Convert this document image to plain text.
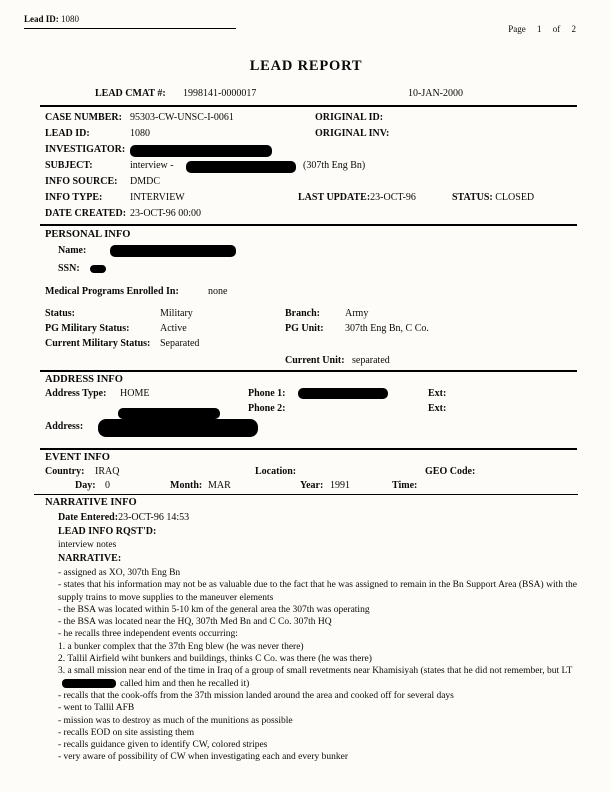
Lead ID: 1080
Page 1 of 2
LEAD REPORT
LEAD CMAT #: 1998141-0000017	10-JAN-2000
CASE NUMBER: 95303-CW-UNSC-I-0061	ORIGINAL ID:
LEAD ID:	1080	ORIGINAL INV:
INVESTIGATOR:
SUBJECT:	interview -	(307th Eng Bn)
INFO SOURCE: DMDC
INFO TYPE:	INTERVIEW	LAST UPDATE:23-OCT-96	STATUS: CLOSED
DATE CREATED: 23-OCT-96 00:00
PERSONAL INFO
Name:
SSN:
Medical Programs Enrolled In:	none
Status:	Military	Branch:	Army
PG Military Status:	Active	PG Unit: 307th Eng Bn, C Co.
Current Military Status: Separated
Current Unit: separated
ADDRESS INFO
Address Type: HOME	Phone 1:	Ext:
Phone 2:	Ext:
Address:
EVENT INFO
Country: IRAQ	Location:	GEO Code:
Day: 0	Month: MAR	Year: 1991	Time:
NARRATIVE INFO
Date Entered:23-OCT-96 14:53
LEAD INFO RQST'D:
interview notes
NARRATIVE:

- assigned as XO, 307th Eng Bn

- states that his information may not be as valuable due to the fact that he was assigned to remain in the Bn Support Area (BSA) with the supply trains to move supplies to the maneuver elements

- the BSA was located within 5-10 km of the general area the 307th was operating

- the BSA was located near the HQ, 307th Med Bn and C Co. 307th HQ

- he recalls three independent events occurring:

1. a bunker complex that the 37th Eng blew (he was never there)

2. Tallil Airfield wiht bunkers and buildings, thinks C Co. was there (he was there)

3. a small mission near end of the time in Iraq of a group of small revetments near Khamisiyah (states that he did not remember, but LTcalled him and then he recalled it)

- recalls that the cook-offs from the 37th mission landed around the area and cooked off for several days

- went to Tallil AFB

- mission was to destroy as much of the munitions as possible

- recalls EOD on site assisting them

- recalls guidance given to identify CW, colored stripes

- very aware of possibility of CW when investigating each and every bunker
